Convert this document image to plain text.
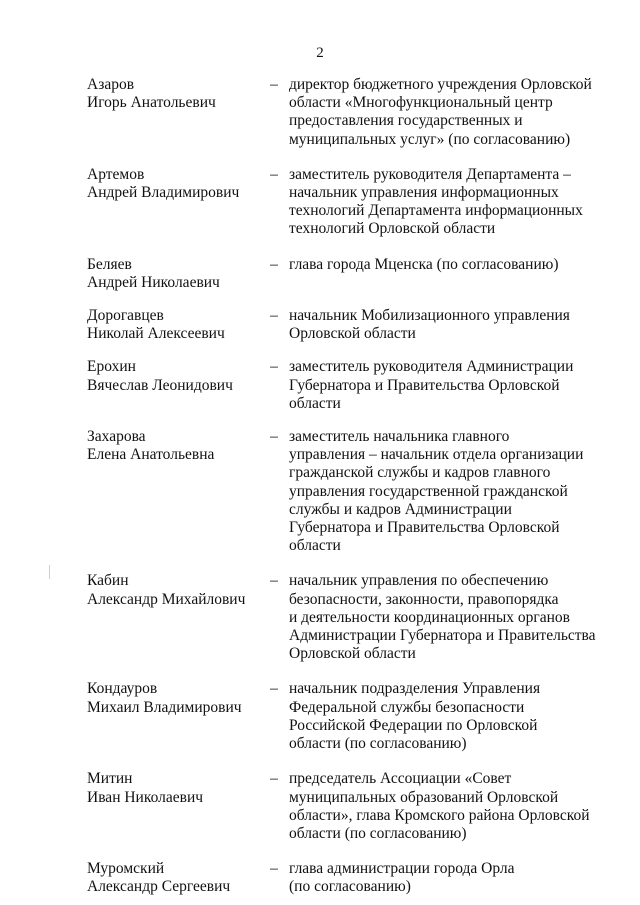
2
Азаров
Игорь Анатольевич
– директор бюджетного учреждения Орловской
области «Многофункциональный центр
предоставления государственных и
муниципальных услуг» (по согласованию)
Артемов
Андрей Владимирович
– заместитель руководителя Департамента –
начальник управления информационных
технологий Департамента информационных
технологий Орловской области
Беляев
Андрей Николаевич
– глава города Мценска (по согласованию)
Дорогавцев
Николай Алексеевич
– начальник Мобилизационного управления
Орловской области
Ерохин
Вячеслав Леонидович
– заместитель руководителя Администрации
Губернатора и Правительства Орловской
области
Захарова
Елена Анатольевна
– заместитель начальника главного
управления – начальник отдела организации
гражданской службы и кадров главного
управления государственной гражданской
службы и кадров Администрации
Губернатора и Правительства Орловской
области
Кабин
Александр Михайлович
– начальник управления по обеспечению
безопасности, законности, правопорядка
и деятельности координационных органов
Администрации Губернатора и Правительства
Орловской области
Кондауров
Михаил Владимирович
– начальник подразделения Управления
Федеральной службы безопасности
Российской Федерации по Орловской
области (по согласованию)
Митин
Иван Николаевич
– председатель Ассоциации «Совет
муниципальных образований Орловской
области», глава Кромского района Орловской
области (по согласованию)
Муромский
Александр Сергеевич
– глава администрации города Орла
(по согласованию)
